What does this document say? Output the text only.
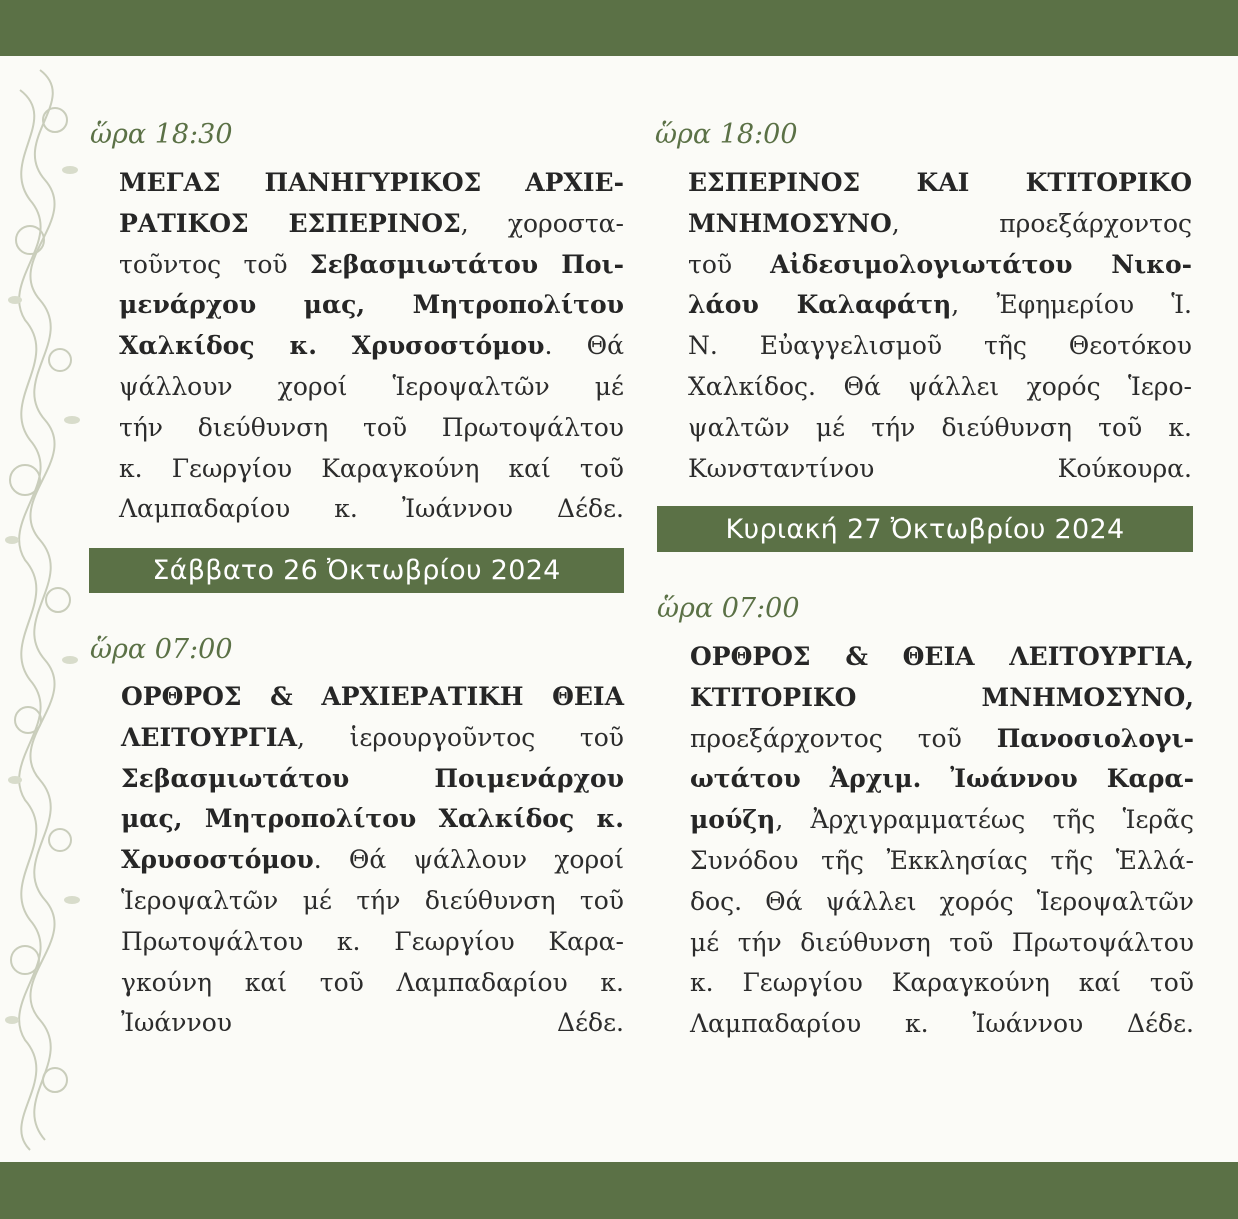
ὥρα 18:30
ΜΕΓΑΣ ΠΑΝΗΓΥΡΙΚΟΣ ΑΡΧΙΕ-
ΡΑΤΙΚΟΣ ΕΣΠΕΡΙΝΟΣ, χοροστα-
τοῦντος τοῦ Σεβασμιωτάτου Ποι-
μενάρχου μας, Μητροπολίτου
Χαλκίδος κ. Χρυσοστόμου. Θά
ψάλλουν χοροί Ἱεροψαλτῶν μέ
τήν διεύθυνση τοῦ Πρωτοψάλτου
κ. Γεωργίου Καραγκούνη καί τοῦ
Λαμπαδαρίου κ. Ἰωάννου Δέδε.
Σάββατο 26 Ὀκτωβρίου 2024
ὥρα 07:00
ΟΡΘΡΟΣ & ΑΡΧΙΕΡΑΤΙΚΗ ΘΕΙΑ
ΛΕΙΤΟΥΡΓΙΑ, ἱερουργοῦντος τοῦ
Σεβασμιωτάτου Ποιμενάρχου
μας, Μητροπολίτου Χαλκίδος κ.
Χρυσοστόμου. Θά ψάλλουν χοροί
Ἱεροψαλτῶν μέ τήν διεύθυνση τοῦ
Πρωτοψάλτου κ. Γεωργίου Καρα-
γκούνη καί τοῦ Λαμπαδαρίου κ.
Ἰωάννου Δέδε.
ὥρα 18:00
ΕΣΠΕΡΙΝΟΣ ΚΑΙ ΚΤΙΤΟΡΙΚΟ
ΜΝΗΜΟΣΥΝΟ, προεξάρχοντος
τοῦ Αἰδεσιμολογιωτάτου Νικο-
λάου Καλαφάτη, Ἐφημερίου Ἱ.
Ν. Εὐαγγελισμοῦ τῆς Θεοτόκου
Χαλκίδος. Θά ψάλλει χορός Ἱερο-
ψαλτῶν μέ τήν διεύθυνση τοῦ κ.
Κωνσταντίνου Κούκουρα.
Κυριακή 27 Ὀκτωβρίου 2024
ὥρα 07:00
ΟΡΘΡΟΣ & ΘΕΙΑ ΛΕΙΤΟΥΡΓΙΑ,
ΚΤΙΤΟΡΙΚΟ ΜΝΗΜΟΣΥΝΟ,
προεξάρχοντος τοῦ Πανοσιολογι-
ωτάτου Ἀρχιμ. Ἰωάννου Καρα-
μούζη, Ἀρχιγραμματέως τῆς Ἱερᾶς
Συνόδου τῆς Ἐκκλησίας τῆς Ἑλλά-
δος. Θά ψάλλει χορός Ἱεροψαλτῶν
μέ τήν διεύθυνση τοῦ Πρωτοψάλτου
κ. Γεωργίου Καραγκούνη καί τοῦ
Λαμπαδαρίου κ. Ἰωάννου Δέδε.
